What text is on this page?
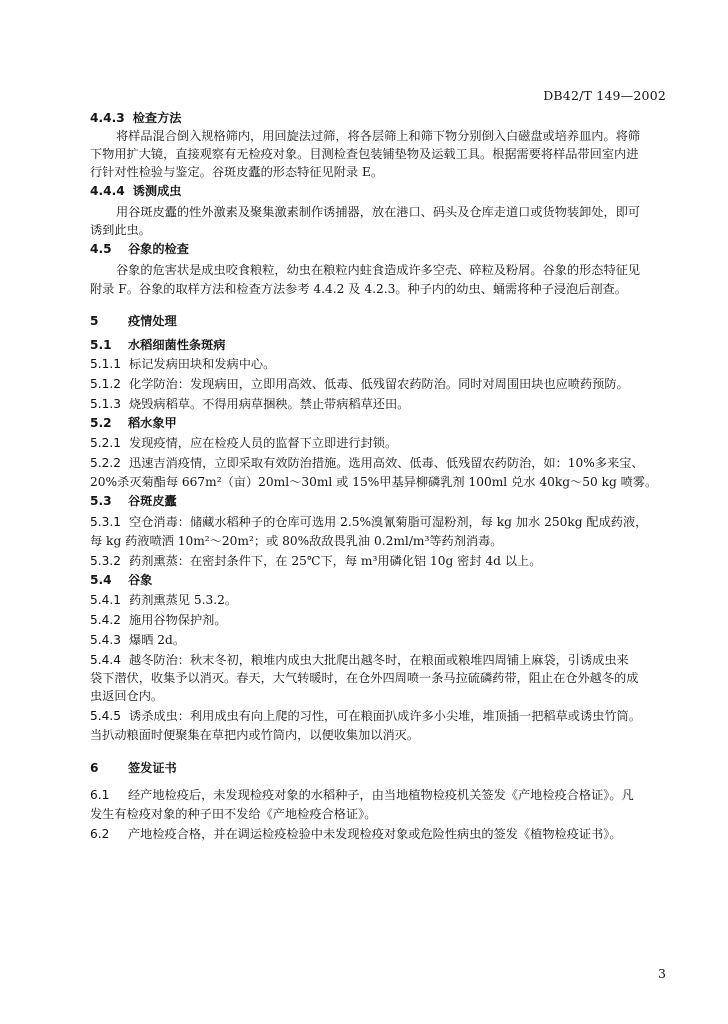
DB42/T 149—2002
4.4.3 检查方法
将样品混合倒入规格筛内，用回旋法过筛，将各层筛上和筛下物分别倒入白磁盘或培养皿内。将筛
下物用扩大镜，直接观察有无检疫对象。目测检查包装铺垫物及运载工具。根据需要将样品带回室内进
行针对性检验与鉴定。谷斑皮蠹的形态特征见附录 E。
4.4.4 诱测成虫
用谷斑皮蠹的性外激素及聚集激素制作诱捕器，放在港口、码头及仓库走道口或货物装卸处，即可
诱到此虫。
4.5 谷象的检查
谷象的危害状是成虫咬食粮粒，幼虫在粮粒内蛀食造成许多空壳、碎粒及粉屑。谷象的形态特征见
附录 F。谷象的取样方法和检查方法参考 4.4.2 及 4.2.3。种子内的幼虫、蛹需将种子浸泡后剖查。
5 疫情处理
5.1 水稻细菌性条斑病
5.1.1 标记发病田块和发病中心。
5.1.2 化学防治：发现病田，立即用高效、低毒、低残留农药防治。同时对周围田块也应喷药预防。
5.1.3 烧毁病稻草。不得用病草捆秧。禁止带病稻草还田。
5.2 稻水象甲
5.2.1 发现疫情，应在检疫人员的监督下立即进行封锁。
5.2.2 迅速吉消疫情，立即采取有效防治措施。选用高效、低毒、低残留农药防治，如：10%多来宝、
20%杀灭菊酯每 667m²（亩）20ml～30ml 或 15%甲基异柳磷乳剂 100ml 兑水 40kg～50 kg 喷雾。
5.3 谷斑皮蠹
5.3.1 空仓消毒：储藏水稻种子的仓库可选用 2.5%溴氰菊脂可湿粉剂，每 kg 加水 250kg 配成药液，
每 kg 药液喷洒 10m²～20m²；或 80%敌敌畏乳油 0.2ml/m³等药剂消毒。
5.3.2 药剂熏蒸：在密封条件下，在 25℃下，每 m³用磷化铝 10g 密封 4d 以上。
5.4 谷象
5.4.1 药剂熏蒸见 5.3.2。
5.4.2 施用谷物保护剂。
5.4.3 爆晒 2d。
5.4.4 越冬防治：秋末冬初，粮堆内成虫大批爬出越冬时，在粮面或粮堆四周铺上麻袋，引诱成虫来
袋下潜伏，收集予以消灭。春天，大气转暖时，在仓外四周喷一条马拉硫磷药带，阻止在仓外越冬的成
虫返回仓内。
5.4.5 诱杀成虫：利用成虫有向上爬的习性，可在粮面扒成许多小尖堆，堆顶插一把稻草或诱虫竹筒。
当扒动粮面时便聚集在草把内或竹筒内，以便收集加以消灭。
6 签发证书
6.1 经产地检疫后，未发现检疫对象的水稻种子，由当地植物检疫机关签发《产地检疫合格证》。凡
发生有检疫对象的种子田不发给《产地检疫合格证》。
6.2 产地检疫合格，并在调运检疫检验中未发现检疫对象或危险性病虫的签发《植物检疫证书》。
3
